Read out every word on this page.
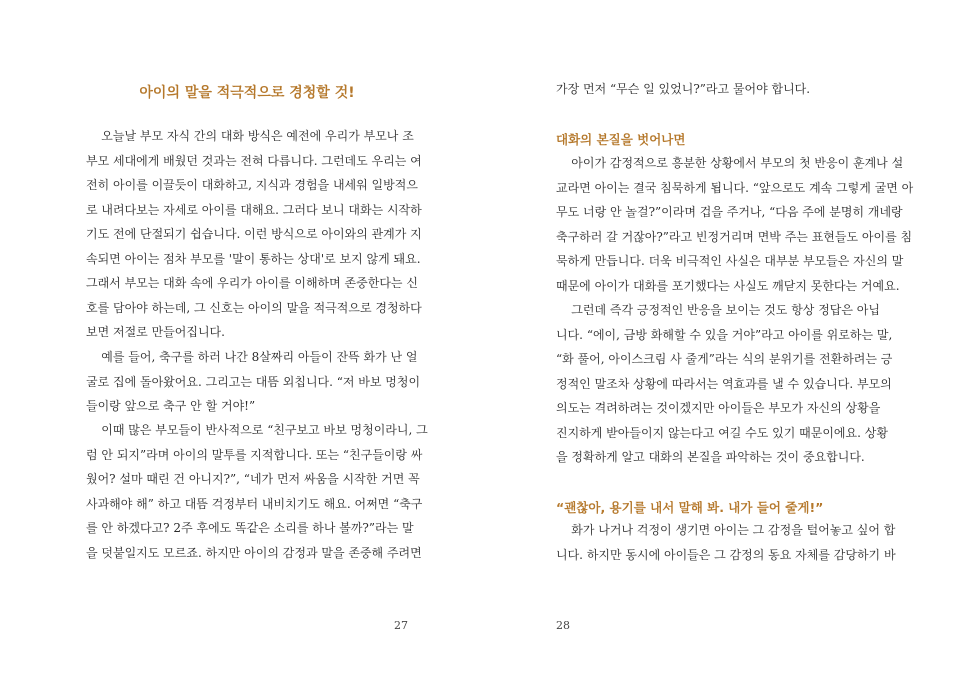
아이의 말을 적극적으로 경청할 것!
오늘날 부모 자식 간의 대화 방식은 예전에 우리가 부모나 조
부모 세대에게 배웠던 것과는 전혀 다릅니다. 그런데도 우리는 여
전히 아이를 이끌듯이 대화하고, 지식과 경험을 내세워 일방적으
로 내려다보는 자세로 아이를 대해요. 그러다 보니 대화는 시작하
기도 전에 단절되기 쉽습니다. 이런 방식으로 아이와의 관계가 지
속되면 아이는 점차 부모를 '말이 통하는 상대'로 보지 않게 돼요.
그래서 부모는 대화 속에 우리가 아이를 이해하며 존중한다는 신
호를 담아야 하는데, 그 신호는 아이의 말을 적극적으로 경청하다
보면 저절로 만들어집니다.
예를 들어, 축구를 하러 나간 8살짜리 아들이 잔뜩 화가 난 얼
굴로 집에 돌아왔어요. 그리고는 대뜸 외칩니다. “저 바보 멍청이
들이랑 앞으로 축구 안 할 거야!”
이때 많은 부모들이 반사적으로 “친구보고 바보 멍청이라니, 그
럼 안 되지”라며 아이의 말투를 지적합니다. 또는 “친구들이랑 싸
웠어? 설마 때린 건 아니지?”, “네가 먼저 싸움을 시작한 거면 꼭
사과해야 해” 하고 대뜸 걱정부터 내비치기도 해요. 어쩌면 “축구
를 안 하겠다고? 2주 후에도 똑같은 소리를 하나 볼까?”라는 말
을 덧붙일지도 모르죠. 하지만 아이의 감정과 말을 존중해 주려면
27
가장 먼저 “무슨 일 있었니?”라고 물어야 합니다.
대화의 본질을 벗어나면
아이가 감정적으로 흥분한 상황에서 부모의 첫 반응이 훈계나 설
교라면 아이는 결국 침묵하게 됩니다. “앞으로도 계속 그렇게 굴면 아
무도 너랑 안 놀걸?”이라며 겁을 주거나, “다음 주에 분명히 개네랑
축구하러 갈 거잖아?”라고 빈정거리며 면박 주는 표현들도 아이를 침
묵하게 만듭니다. 더욱 비극적인 사실은 대부분 부모들은 자신의 말
때문에 아이가 대화를 포기했다는 사실도 깨닫지 못한다는 거예요.
그런데 즉각 긍정적인 반응을 보이는 것도 항상 정답은 아닙
니다. “에이, 금방 화해할 수 있을 거야”라고 아이를 위로하는 말,
“화 풀어, 아이스크림 사 줄게”라는 식의 분위기를 전환하려는 긍
정적인 말조차 상황에 따라서는 역효과를 낼 수 있습니다. 부모의
의도는 격려하려는 것이겠지만 아이들은 부모가 자신의 상황을
진지하게 받아들이지 않는다고 여길 수도 있기 때문이에요. 상황
을 정확하게 알고 대화의 본질을 파악하는 것이 중요합니다.
“괜찮아, 용기를 내서 말해 봐. 내가 들어 줄게!”
화가 나거나 걱정이 생기면 아이는 그 감정을 털어놓고 싶어 합
니다. 하지만 동시에 아이들은 그 감정의 동요 자체를 감당하기 바
28
